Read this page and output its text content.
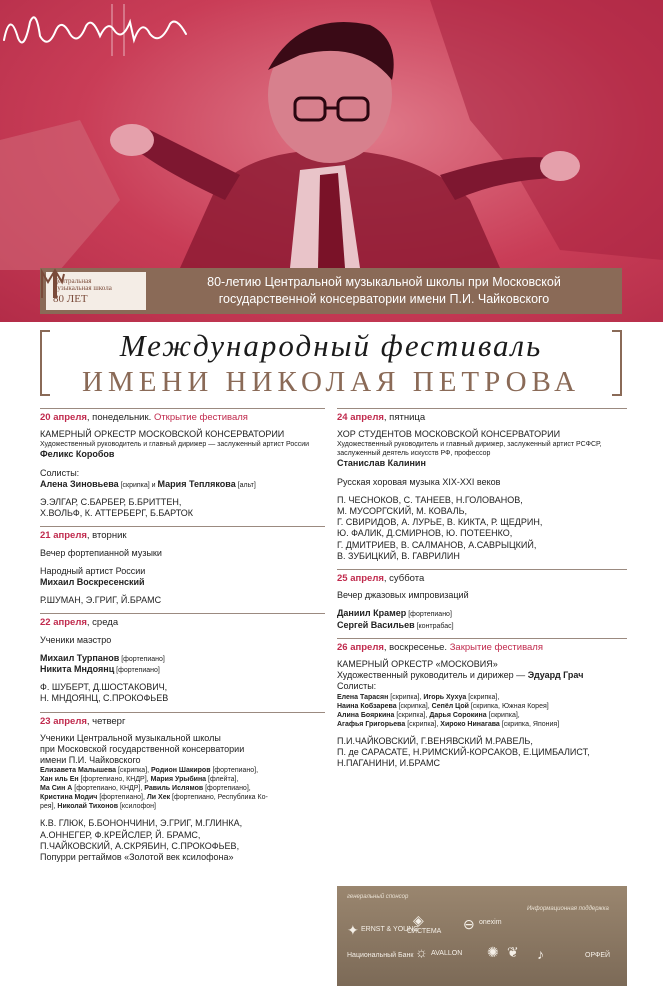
Центральная
музыкальная школа
80 ЛЕТ
80-летию Центральной музыкальной школы при Московской
государственной консерватории имени П.И. Чайковского
Международный фестиваль
ИМЕНИ НИКОЛАЯ ПЕТРОВА
20 апреля, понедельник. Открытие фестиваля
КАМЕРНЫЙ ОРКЕСТР МОСКОВСКОЙ КОНСЕРВАТОРИИ
Художественный руководитель и главный дирижер — заслуженный артист России
Феликс Коробов
Солисты:
Алена Зиновьева [скрипка] и Мария Теплякова [альт]
Э.ЭЛГАР, С.БАРБЕР, Б.БРИТТЕН,
Х.ВОЛЬФ, К. АТТЕРБЕРГ, Б.БАРТОК
21 апреля, вторник
Вечер фортепианной музыки
Народный артист России
Михаил Воскресенский
Р.ШУМАН, Э.ГРИГ, Й.БРАМС
22 апреля, среда
Ученики маэстро
Михаил Турпанов [фортепиано]
Никита Мндоянц [фортепиано]
Ф. ШУБЕРТ, Д.ШОСТАКОВИЧ,
Н. МНДОЯНЦ, С.ПРОКОФЬЕВ
23 апреля, четверг
Ученики Центральной музыкальной школы
при Московской государственной консерватории
имени П.И. Чайковского
Елизавета Малышева [скрипка], Родион Шакиров [фортепиано],
Хан иль Ен [фортепиано, КНДР], Мария Урыбина [флейта],
Ма Син А [фортепиано, КНДР], Равиль Ислямов [фортепиано],
Кристина Модич [фортепиано], Ли Хек [фортепиано, Республика Ко-
рея], Николай Тихонов [ксилофон]
К.В. ГЛЮК, Б.БОНОНЧИНИ, Э.ГРИГ, М.ГЛИНКА,
А.ОННЕГЕР, Ф.КРЕЙСЛЕР, Й. БРАМС,
П.ЧАЙКОВСКИЙ, А.СКРЯБИН, С.ПРОКОФЬЕВ,
Попурри регтаймов «Золотой век ксилофона»
24 апреля, пятница
ХОР СТУДЕНТОВ МОСКОВСКОЙ КОНСЕРВАТОРИИ
Художественный руководитель и главный дирижер, заслуженный артист РСФСР,
заслуженный деятель искусств РФ, профессор
Станислав Калинин
Русская хоровая музыка XIX-XXI веков
П. ЧЕСНОКОВ, С. ТАНЕЕВ, Н.ГОЛОВАНОВ,
М. МУСОРГСКИЙ, М. КОВАЛЬ,
Г. СВИРИДОВ, А. ЛУРЬЕ, В. КИКТА, Р. ЩЕДРИН,
Ю. ФАЛИК, Д.СМИРНОВ, Ю. ПОТЕЕНКО,
Г. ДМИТРИЕВ, В. САЛМАНОВ, А.САВРЫЦКИЙ,
В. ЗУБИЦКИЙ, В. ГАВРИЛИН
25 апреля, суббота
Вечер джазовых импровизаций
Даниил Крамер [фортепиано]
Сергей Васильев [контрабас]
26 апреля, воскресенье. Закрытие фестиваля
КАМЕРНЫЙ ОРКЕСТР «МОСКОВИЯ»
Художественный руководитель и дирижер — Эдуард Грач
Солисты:
Елена Тарасян [скрипка], Игорь Хухуа [скрипка],
Наина Кобзарева [скрипка], Сепёл Цой [скрипка, Южная Корея]
Алина Бояркина [скрипка], Дарья Сорокина [скрипка],
Агафья Григорьева [скрипка], Хироко Нинагава [скрипка, Япония]
П.И.ЧАЙКОВСКИЙ, Г.ВЕНЯВСКИЙ М.РАВЕЛЬ,
П. де САРАСАТЕ, Н.РИМСКИЙ-КОРСАКОВ, Е.ЦИМБАЛИСТ,
Н.ПАГАНИНИ, И.БРАМС
генеральный спонсор
Информационная поддержка
✦ ERNST & YOUNG
◈
СИСТЕМА ⊖ onexim
Национальный Банк ☼ AVALLON ✺ ❦ ♪	ОРФЕЙ
